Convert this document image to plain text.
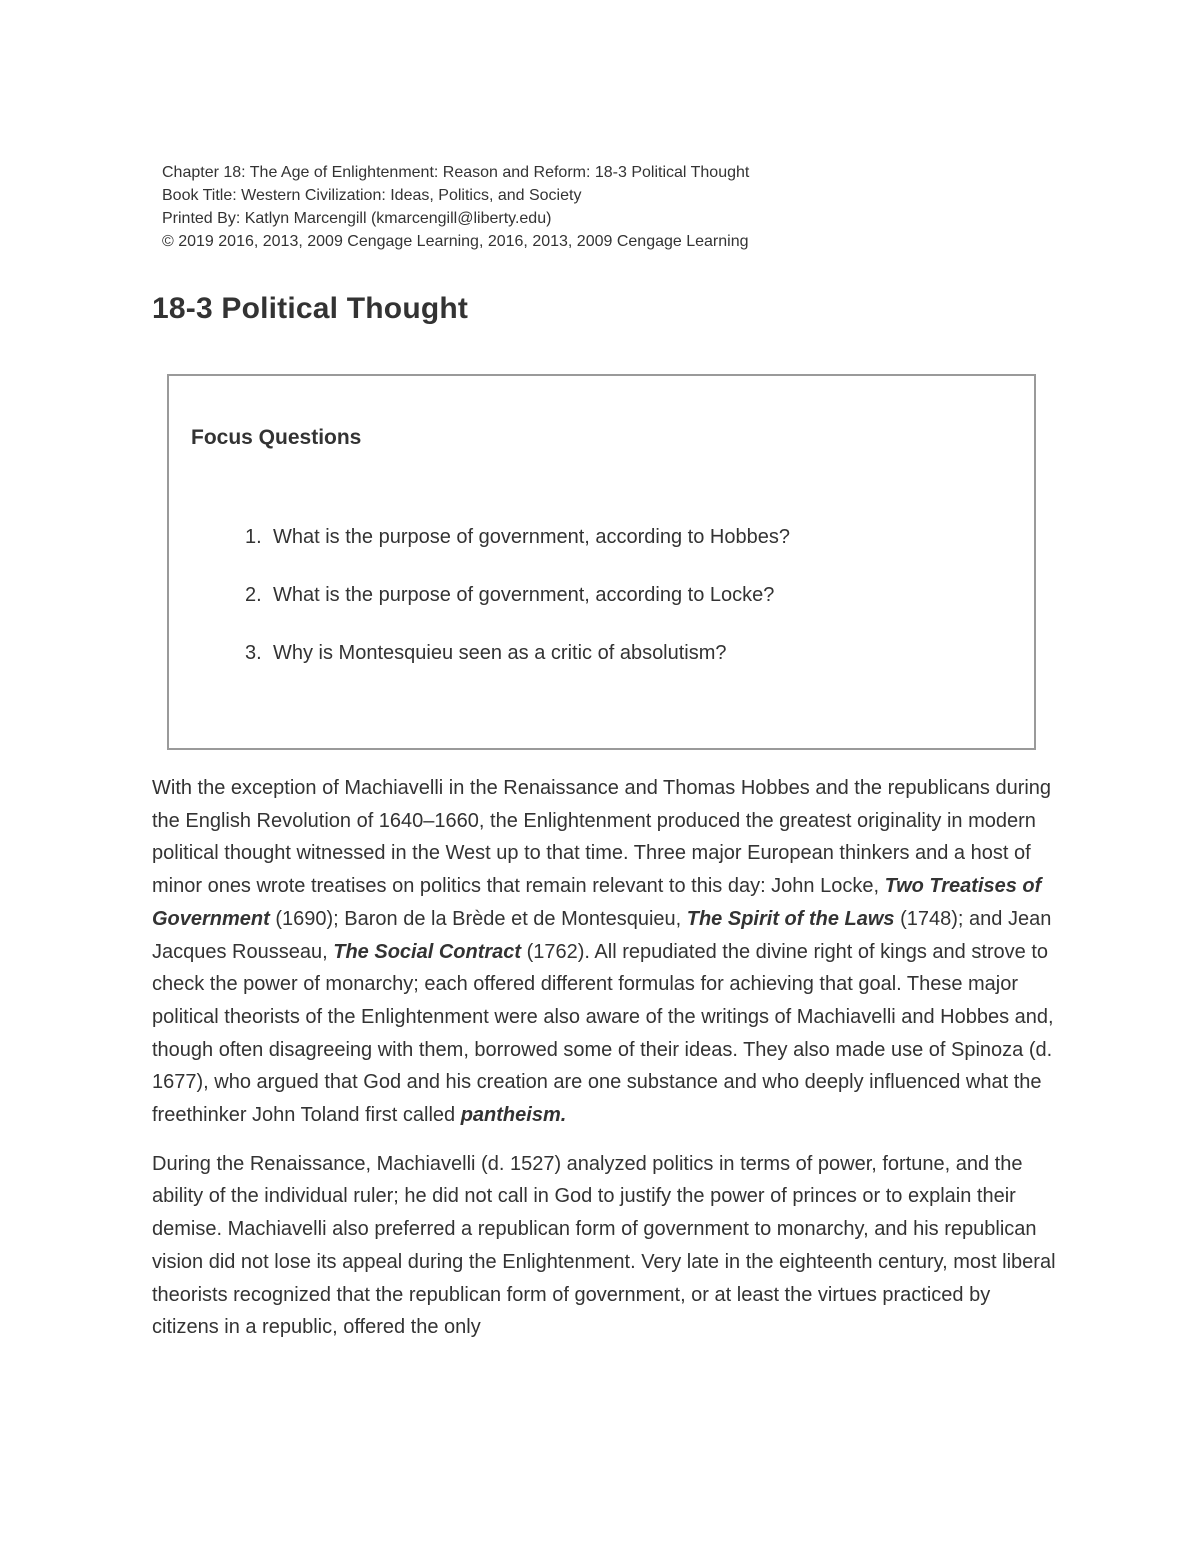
Chapter 18: The Age of Enlightenment: Reason and Reform: 18-3 Political Thought
Book Title: Western Civilization: Ideas, Politics, and Society
Printed By: Katlyn Marcengill (kmarcengill@liberty.edu)
© 2019 2016, 2013, 2009 Cengage Learning, 2016, 2013, 2009 Cengage Learning
18-3 Political Thought
Focus Questions
1. What is the purpose of government, according to Hobbes?
2. What is the purpose of government, according to Locke?
3. Why is Montesquieu seen as a critic of absolutism?

With the exception of Machiavelli in the Renaissance and Thomas Hobbes and the republicans during the English Revolution of 1640–1660, the Enlightenment produced the greatest originality in modern political thought witnessed in the West up to that time. Three major European thinkers and a host of minor ones wrote treatises on politics that remain relevant to this day: John Locke, Two Treatises of Government (1690); Baron de la Brède et de Montesquieu, The Spirit of the Laws (1748); and Jean Jacques Rousseau, The Social Contract (1762). All repudiated the divine right of kings and strove to check the power of monarchy; each offered different formulas for achieving that goal. These major political theorists of the Enlightenment were also aware of the writings of Machiavelli and Hobbes and, though often disagreeing with them, borrowed some of their ideas. They also made use of Spinoza (d. 1677), who argued that God and his creation are one substance and who deeply influenced what the freethinker John Toland first called pantheism.

During the Renaissance, Machiavelli (d. 1527) analyzed politics in terms of power, fortune, and the ability of the individual ruler; he did not call in God to justify the power of princes or to explain their demise. Machiavelli also preferred a republican form of government to monarchy, and his republican vision did not lose its appeal during the Enlightenment. Very late in the eighteenth century, most liberal theorists recognized that the republican form of government, or at least the virtues practiced by citizens in a republic, offered the only
